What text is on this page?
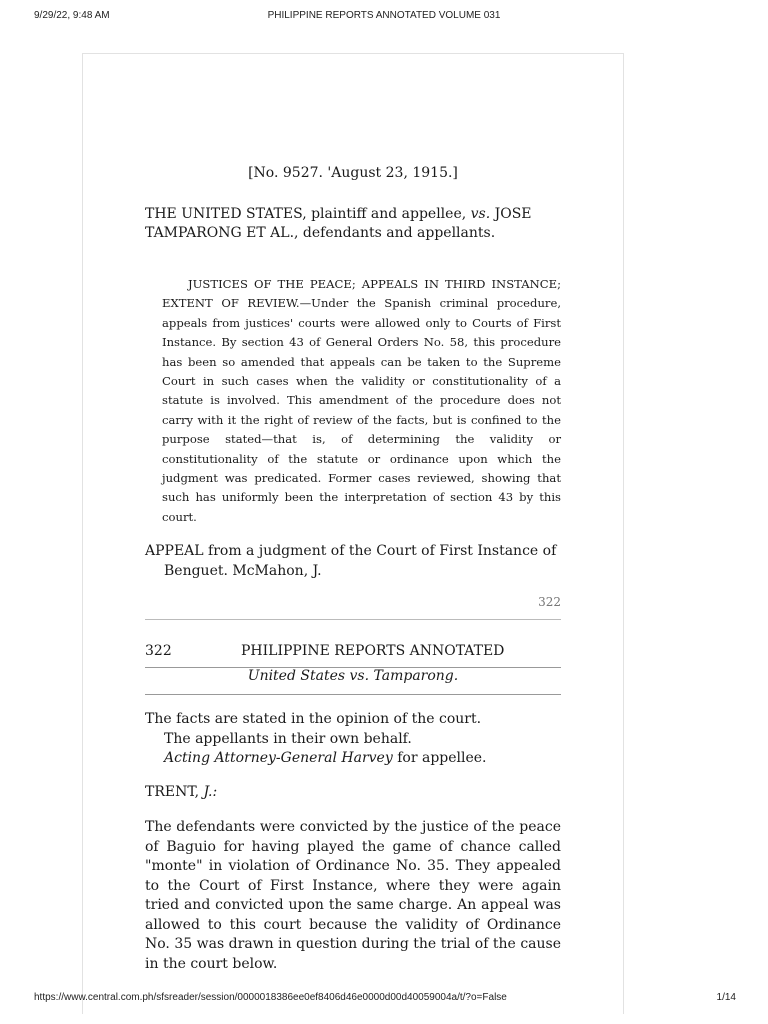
9/29/22, 9:48 AM	PHILIPPINE REPORTS ANNOTATED VOLUME 031
[No. 9527. 'August 23, 1915.]
THE UNITED STATES, plaintiff and appellee, vs. JOSE
TAMPARONG ET AL., defendants and appellants.
JUSTICES OF THE PEACE; APPEALS IN THIRD INSTANCE; EXTENT OF REVIEW.—Under the Spanish criminal procedure, appeals from justices' courts were allowed only to Courts of First Instance. By section 43 of General Orders No. 58, this procedure has been so amended that appeals can be taken to the Supreme Court in such cases when the validity or constitutionality of a statute is involved. This amendment of the procedure does not carry with it the right of review of the facts, but is confined to the purpose stated—that is, of determining the validity or constitutionality of the statute or ordinance upon which the judgment was predicated. Former cases reviewed, showing that such has uniformly been the interpretation of section 43 by this court.
APPEAL from a judgment of the Court of First Instance of
Benguet. McMahon, J.
322
322	PHILIPPINE REPORTS ANNOTATED
United States vs. Tamparong.
The facts are stated in the opinion of the court.
The appellants in their own behalf.
Acting Attorney-General Harvey for appellee.
TRENT, J.:
The defendants were convicted by the justice of the peace of Baguio for having played the game of chance called "monte" in violation of Ordinance No. 35. They appealed to the Court of First Instance, where they were again tried and convicted upon the same charge. An appeal was allowed to this court because the validity of Ordinance No. 35 was drawn in question during the trial of the cause in the court below.
https://www.central.com.ph/sfsreader/session/0000018386ee0ef8406d46e0000d00d40059004a/t/?o=False	1/14
